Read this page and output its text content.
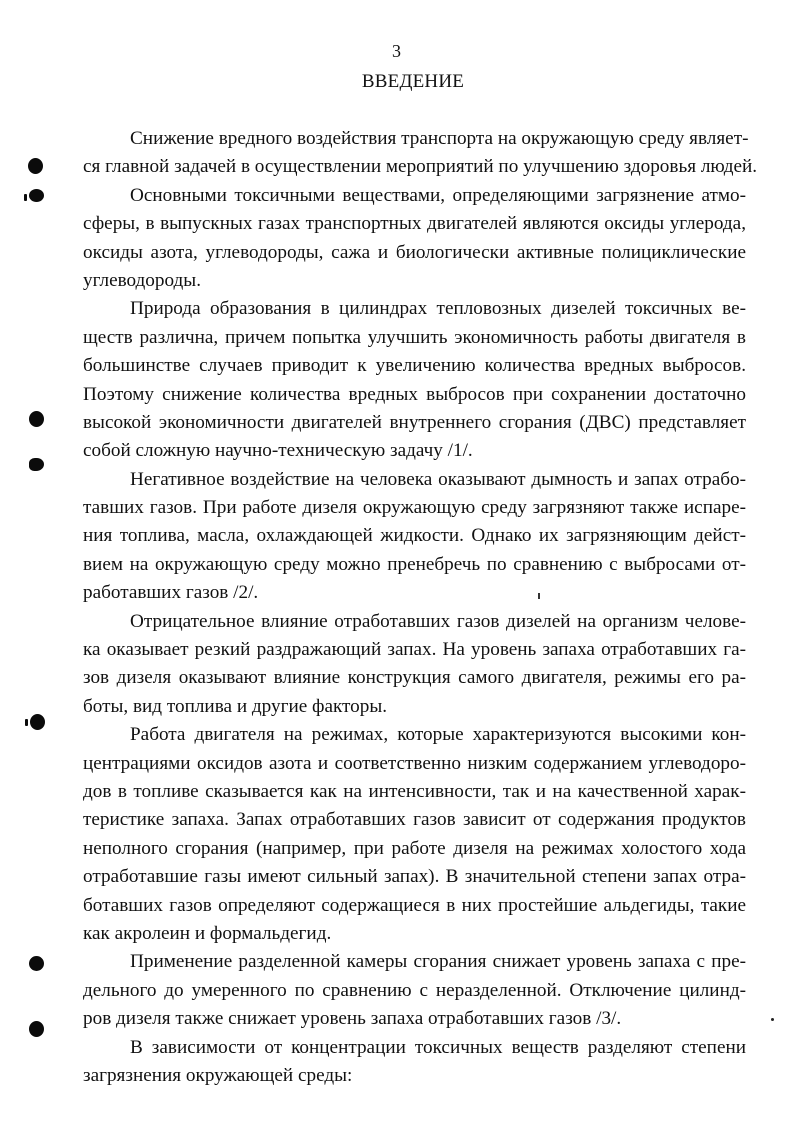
3
ВВЕДЕНИЕ
Снижение вредного воздействия транспорта на окружающую среду являет-
ся главной задачей в осуществлении мероприятий по улучшению здоровья людей.
Основными токсичными веществами, определяющими загрязнение атмо-
сферы, в выпускных газах транспортных двигателей являются оксиды углерода,
оксиды азота, углеводороды, сажа и биологически активные полициклические
углеводороды.
Природа образования в цилиндрах тепловозных дизелей токсичных ве-
ществ различна, причем попытка улучшить экономичность работы двигателя в
большинстве случаев приводит к увеличению количества вредных выбросов.
Поэтому снижение количества вредных выбросов при сохранении достаточно
высокой экономичности двигателей внутреннего сгорания (ДВС) представляет
собой сложную научно-техническую задачу /1/.
Негативное воздействие на человека оказывают дымность и запах отрабо-
тавших газов. При работе дизеля окружающую среду загрязняют также испаре-
ния топлива, масла, охлаждающей жидкости. Однако их загрязняющим дейст-
вием на окружающую среду можно пренебречь по сравнению с выбросами от-
работавших газов /2/.
Отрицательное влияние отработавших газов дизелей на организм челове-
ка оказывает резкий раздражающий запах. На уровень запаха отработавших га-
зов дизеля оказывают влияние конструкция самого двигателя, режимы его ра-
боты, вид топлива и другие факторы.
Работа двигателя на режимах, которые характеризуются высокими кон-
центрациями оксидов азота и соответственно низким содержанием углеводоро-
дов в топливе сказывается как на интенсивности, так и на качественной харак-
теристике запаха. Запах отработавших газов зависит от содержания продуктов
неполного сгорания (например, при работе дизеля на режимах холостого хода
отработавшие газы имеют сильный запах). В значительной степени запах отра-
ботавших газов определяют содержащиеся в них простейшие альдегиды, такие
как акролеин и формальдегид.
Применение разделенной камеры сгорания снижает уровень запаха с пре-
дельного до умеренного по сравнению с неразделенной. Отключение цилинд-
ров дизеля также снижает уровень запаха отработавших газов /3/.
В зависимости от концентрации токсичных веществ разделяют степени
загрязнения окружающей среды:
